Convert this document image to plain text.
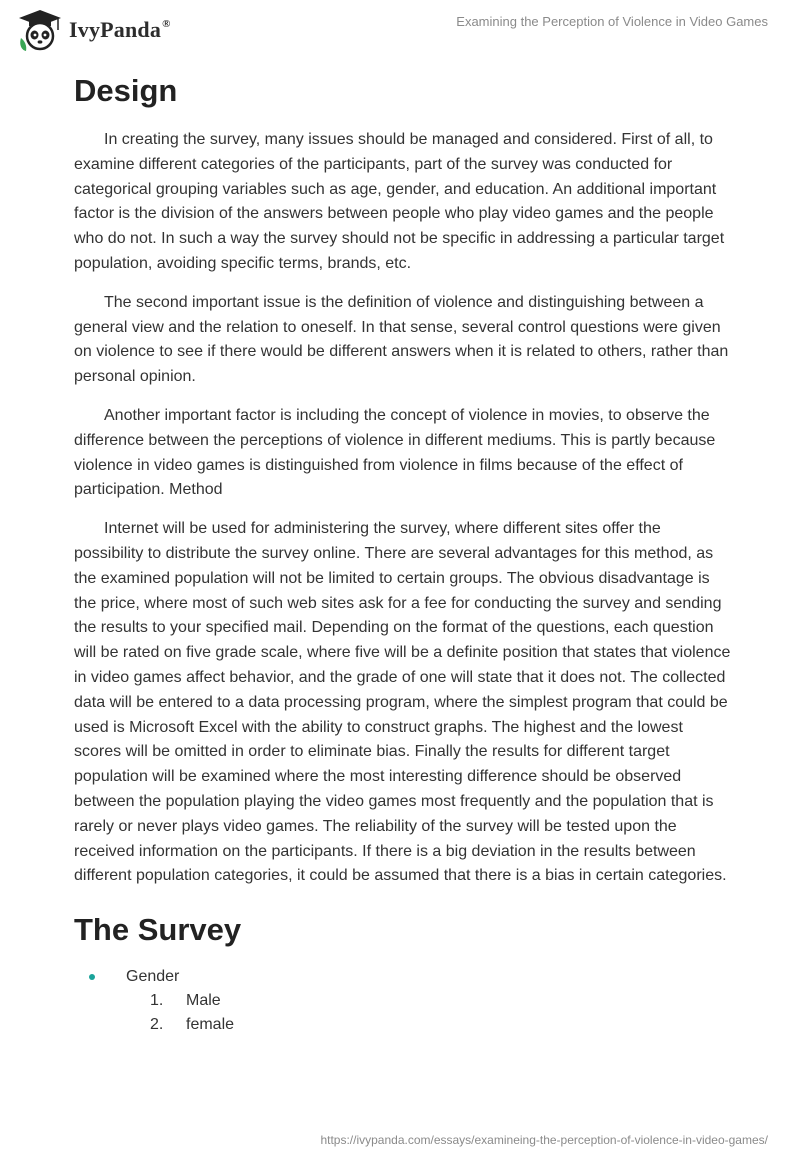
IvyPanda®	Examining the Perception of Violence in Video Games
Design

In creating the survey, many issues should be managed and considered. First of all, to examine different categories of the participants, part of the survey was conducted for categorical grouping variables such as age, gender, and education. An additional important factor is the division of the answers between people who play video games and the people who do not. In such a way the survey should not be specific in addressing a particular target population, avoiding specific terms, brands, etc.

The second important issue is the definition of violence and distinguishing between a general view and the relation to oneself. In that sense, several control questions were given on violence to see if there would be different answers when it is related to others, rather than personal opinion.

Another important factor is including the concept of violence in movies, to observe the difference between the perceptions of violence in different mediums. This is partly because violence in video games is distinguished from violence in films because of the effect of participation. Method

Internet will be used for administering the survey, where different sites offer the possibility to distribute the survey online. There are several advantages for this method, as the examined population will not be limited to certain groups. The obvious disadvantage is the price, where most of such web sites ask for a fee for conducting the survey and sending the results to your specified mail. Depending on the format of the questions, each question will be rated on five grade scale, where five will be a definite position that states that violence in video games affect behavior, and the grade of one will state that it does not. The collected data will be entered to a data processing program, where the simplest program that could be used is Microsoft Excel with the ability to construct graphs. The highest and the lowest scores will be omitted in order to eliminate bias. Finally the results for different target population will be examined where the most interesting difference should be observed between the population playing the video games most frequently and the population that is rarely or never plays video games. The reliability of the survey will be tested upon the received information on the participants. If there is a big deviation in the results between different population categories, it could be assumed that there is a bias in certain categories.

The Survey
Gender
1. Male
2. female
https://ivypanda.com/essays/examineing-the-perception-of-violence-in-video-games/
